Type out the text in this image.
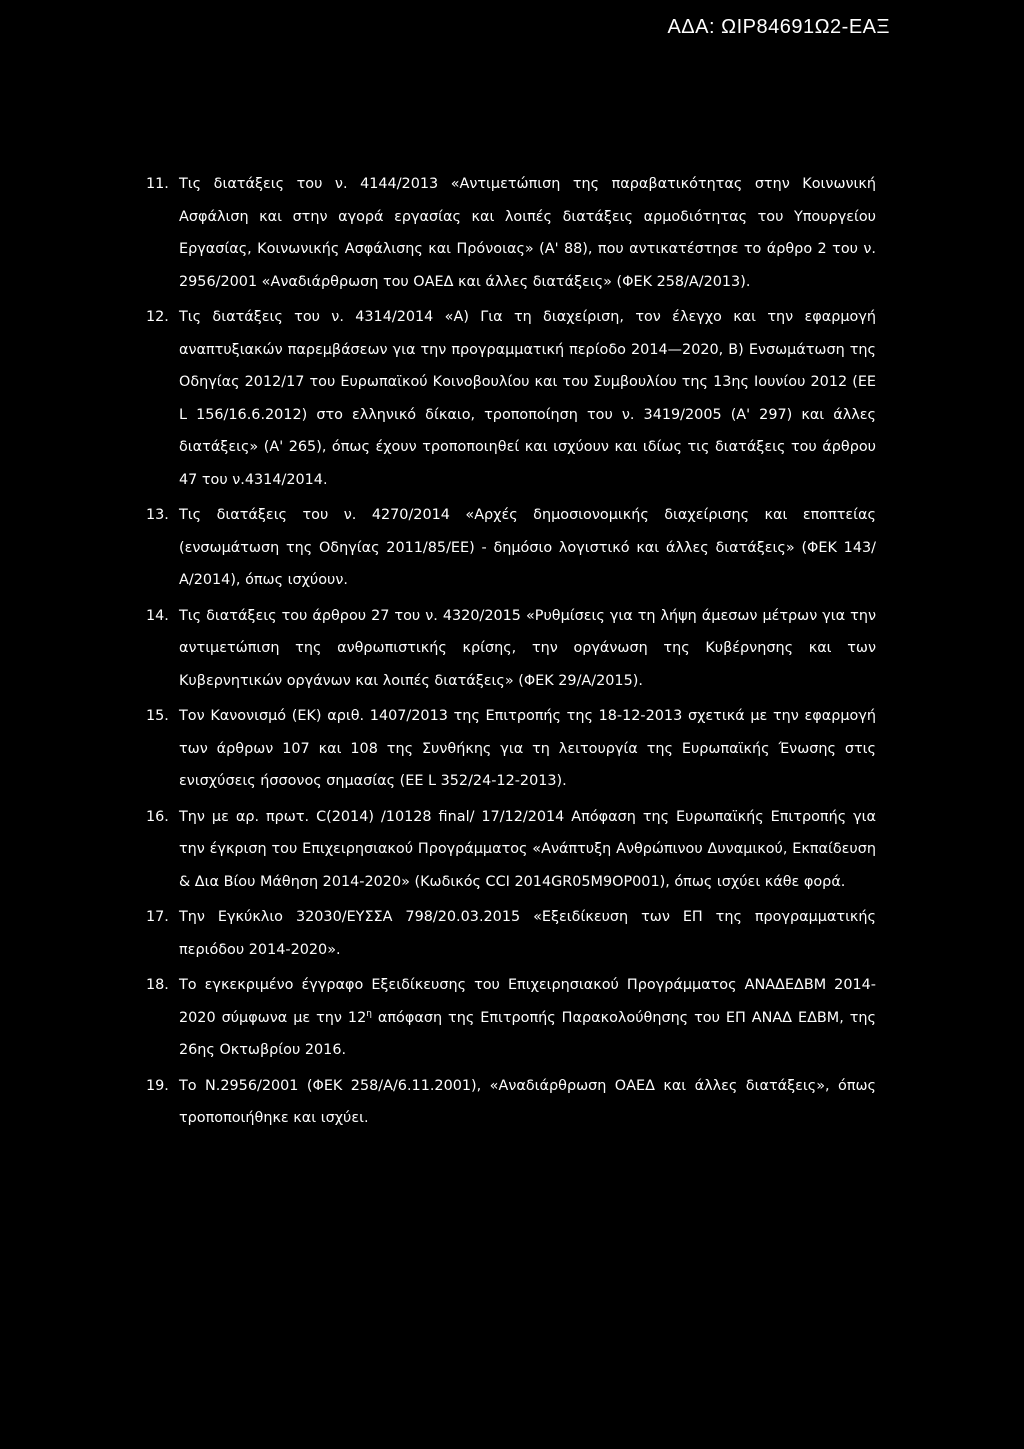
ΑΔΑ: ΩΙΡ84691Ω2-ΕΑΞ
11. Τις διατάξεις του ν. 4144/2013 «Αντιμετώπιση της παραβατικότητας στην Κοινωνική Ασφάλιση και στην αγορά εργασίας και λοιπές διατάξεις αρμοδιότητας του Υπουργείου Εργασίας, Κοινωνικής Ασφάλισης και Πρόνοιας» (Α' 88), που αντικατέστησε το άρθρο 2 του ν. 2956/2001 «Αναδιάρθρωση του ΟΑΕΔ και άλλες διατάξεις» (ΦΕΚ 258/Α/2013).
12. Τις διατάξεις του ν. 4314/2014 «Α) Για τη διαχείριση, τον έλεγχο και την εφαρμογή αναπτυξιακών παρεμβάσεων για την προγραμματική περίοδο 2014—2020, Β) Ενσωμάτωση της Οδηγίας 2012/17 του Ευρωπαϊκού Κοινοβουλίου και του Συμβουλίου της 13ης Ιουνίου 2012 (ΕΕ L 156/16.6.2012) στο ελληνικό δίκαιο, τροποποίηση του ν. 3419/2005 (Α' 297) και άλλες διατάξεις» (Α' 265), όπως έχουν τροποποιηθεί και ισχύουν και ιδίως τις διατάξεις του άρθρου 47 του ν.4314/2014.
13. Τις διατάξεις του ν. 4270/2014 «Αρχές δημοσιονομικής διαχείρισης και εποπτείας (ενσωμάτωση της Οδηγίας 2011/85/ΕΕ) - δημόσιο λογιστικό και άλλες διατάξεις» (ΦΕΚ 143/Α/2014), όπως ισχύουν.
14. Τις διατάξεις του άρθρου 27 του ν. 4320/2015 «Ρυθμίσεις για τη λήψη άμεσων μέτρων για την αντιμετώπιση της ανθρωπιστικής κρίσης, την οργάνωση της Κυβέρνησης και των Κυβερνητικών οργάνων και λοιπές διατάξεις» (ΦΕΚ 29/Α/2015).
15. Τον Κανονισμό (ΕΚ) αριθ. 1407/2013 της Επιτροπής της 18-12-2013 σχετικά με την εφαρμογή των άρθρων 107 και 108 της Συνθήκης για τη λειτουργία της Ευρωπαϊκής Ένωσης στις ενισχύσεις ήσσονος σημασίας (ΕΕ L 352/24-12-2013).
16. Την με αρ. πρωτ. C(2014) /10128 final/ 17/12/2014 Απόφαση της Ευρωπαϊκής Επιτροπής για την έγκριση του Επιχειρησιακού Προγράμματος «Ανάπτυξη Ανθρώπινου Δυναμικού, Εκπαίδευση & Δια Βίου Μάθηση 2014-2020» (Κωδικός CCI 2014GR05M9OP001), όπως ισχύει κάθε φορά.
17. Την Εγκύκλιο 32030/ΕΥΣΣΑ 798/20.03.2015 «Εξειδίκευση των ΕΠ της προγραμματικής περιόδου 2014-2020».
18. Το εγκεκριμένο έγγραφο Εξειδίκευσης του Επιχειρησιακού Προγράμματος ΑΝΑΔΕΔΒΜ 2014-2020 σύμφωνα με την $12^\eta$ απόφαση της Επιτροπής Παρακολούθησης του ΕΠ ΑΝΑΔ ΕΔΒΜ, της 26ης Οκτωβρίου 2016.
19. Το Ν.2956/2001 (ΦΕΚ 258/Α/6.11.2001), «Αναδιάρθρωση ΟΑΕΔ και άλλες διατάξεις», όπως τροποποιήθηκε και ισχύει.
